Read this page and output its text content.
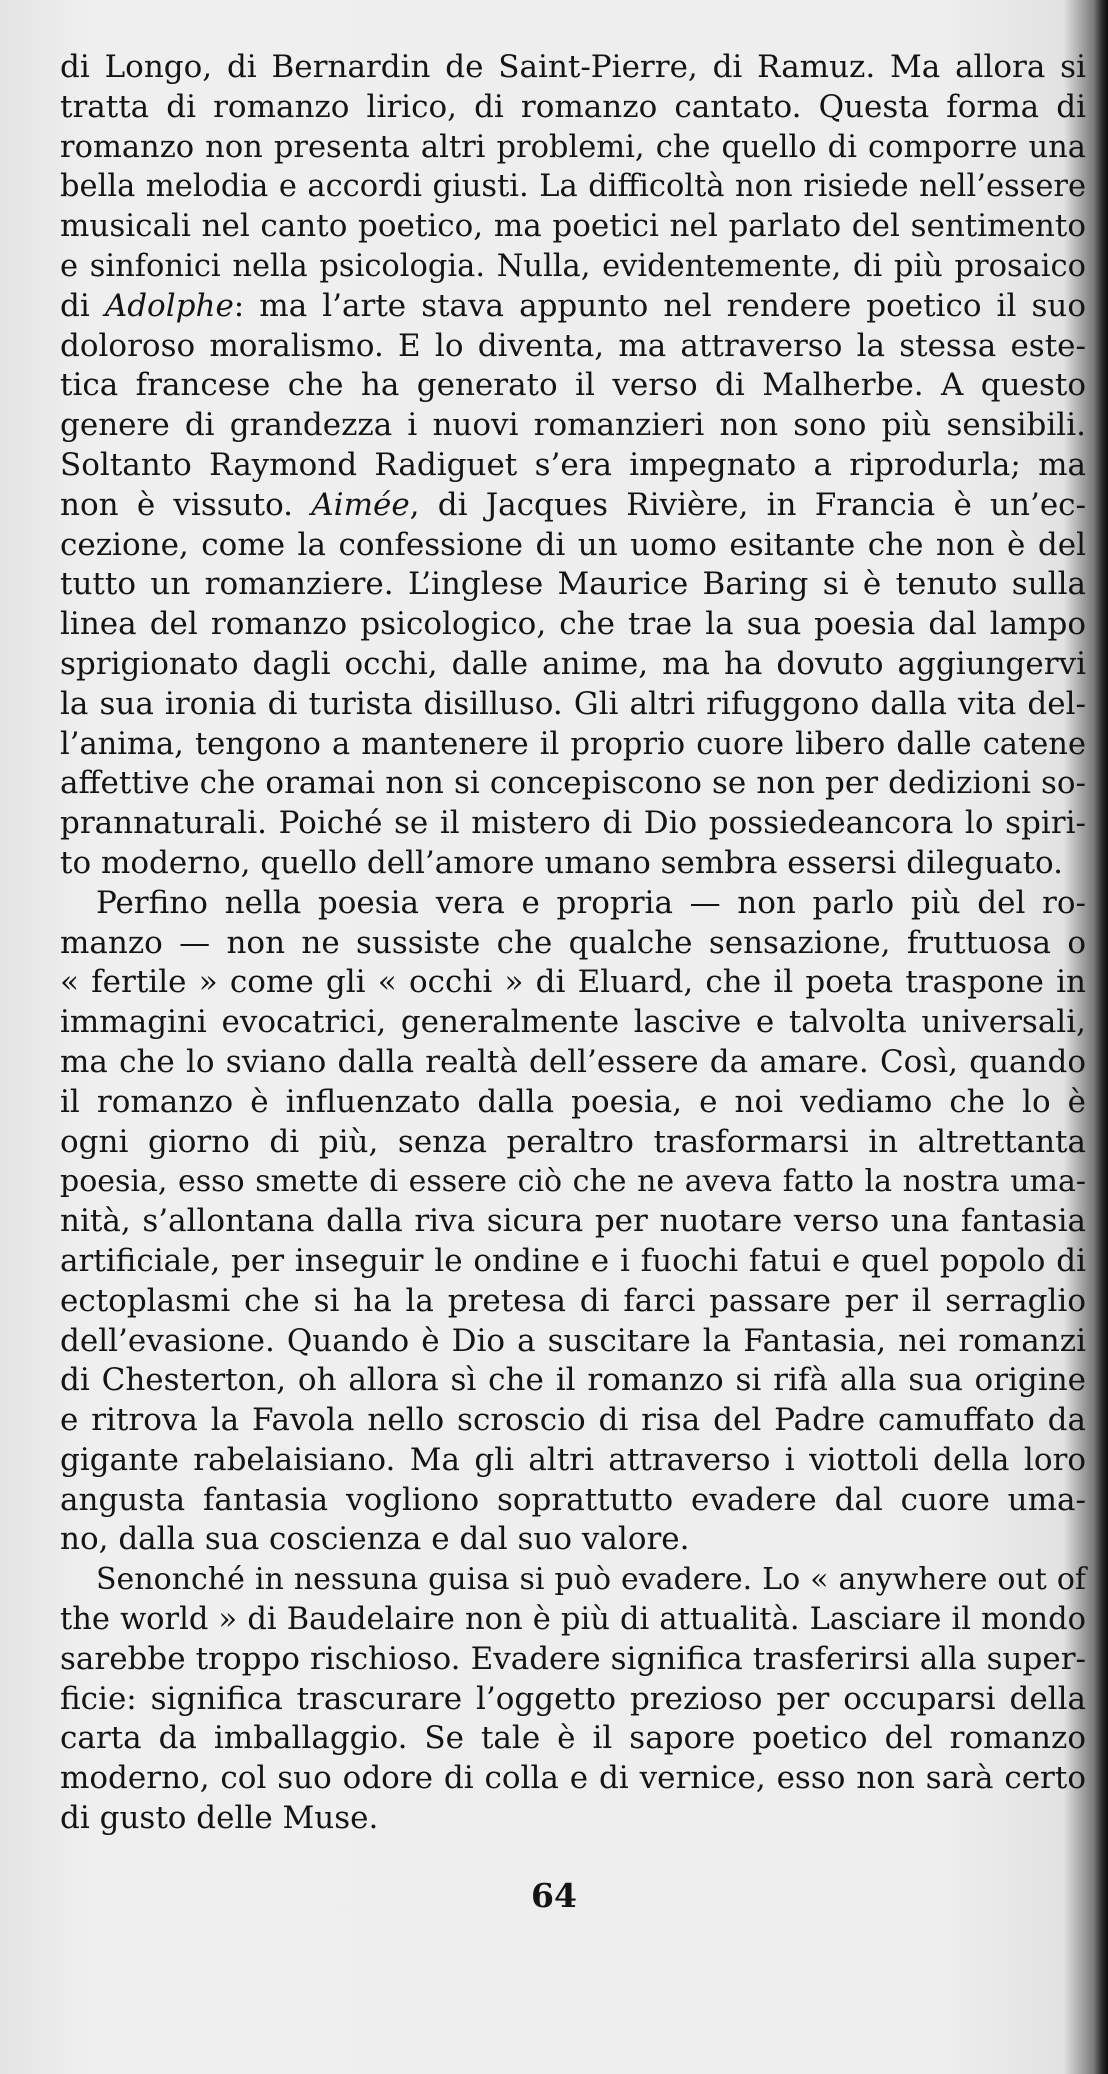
di Longo, di Bernardin de Saint-Pierre, di Ramuz. Ma allora si
tratta di romanzo lirico, di romanzo cantato. Questa forma di
romanzo non presenta altri problemi, che quello di comporre una
bella melodia e accordi giusti. La difficoltà non risiede nell’essere
musicali nel canto poetico, ma poetici nel parlato del sentimento
e sinfonici nella psicologia. Nulla, evidentemente, di più prosaico
di Adolphe: ma l’arte stava appunto nel rendere poetico il suo
doloroso moralismo. E lo diventa, ma attraverso la stessa este-
tica francese che ha generato il verso di Malherbe. A questo
genere di grandezza i nuovi romanzieri non sono più sensibili.
Soltanto Raymond Radiguet s’era impegnato a riprodurla; ma
non è vissuto. Aimée, di Jacques Rivière, in Francia è un’ec-
cezione, come la confessione di un uomo esitante che non è del
tutto un romanziere. L’inglese Maurice Baring si è tenuto sulla
linea del romanzo psicologico, che trae la sua poesia dal lampo
sprigionato dagli occhi, dalle anime, ma ha dovuto aggiungervi
la sua ironia di turista disilluso. Gli altri rifuggono dalla vita del-
l’anima, tengono a mantenere il proprio cuore libero dalle catene
affettive che oramai non si concepiscono se non per dedizioni so-
prannaturali. Poiché se il mistero di Dio possiedeancora lo spiri-
to moderno, quello dell’amore umano sembra essersi dileguato.
Perfino nella poesia vera e propria — non parlo più del ro-
manzo — non ne sussiste che qualche sensazione, fruttuosa o
« fertile » come gli « occhi » di Eluard, che il poeta traspone in
immagini evocatrici, generalmente lascive e talvolta universali,
ma che lo sviano dalla realtà dell’essere da amare. Così, quando
il romanzo è influenzato dalla poesia, e noi vediamo che lo è
ogni giorno di più, senza peraltro trasformarsi in altrettanta
poesia, esso smette di essere ciò che ne aveva fatto la nostra uma-
nità, s’allontana dalla riva sicura per nuotare verso una fantasia
artificiale, per inseguir le ondine e i fuochi fatui e quel popolo di
ectoplasmi che si ha la pretesa di farci passare per il serraglio
dell’evasione. Quando è Dio a suscitare la Fantasia, nei romanzi
di Chesterton, oh allora sì che il romanzo si rifà alla sua origine
e ritrova la Favola nello scroscio di risa del Padre camuffato da
gigante rabelaisiano. Ma gli altri attraverso i viottoli della loro
angusta fantasia vogliono soprattutto evadere dal cuore uma-
no, dalla sua coscienza e dal suo valore.
Senonché in nessuna guisa si può evadere. Lo « anywhere out of
the world » di Baudelaire non è più di attualità. Lasciare il mondo
sarebbe troppo rischioso. Evadere significa trasferirsi alla super-
ficie: significa trascurare l’oggetto prezioso per occuparsi della
carta da imballaggio. Se tale è il sapore poetico del romanzo
moderno, col suo odore di colla e di vernice, esso non sarà certo
di gusto delle Muse.
64
